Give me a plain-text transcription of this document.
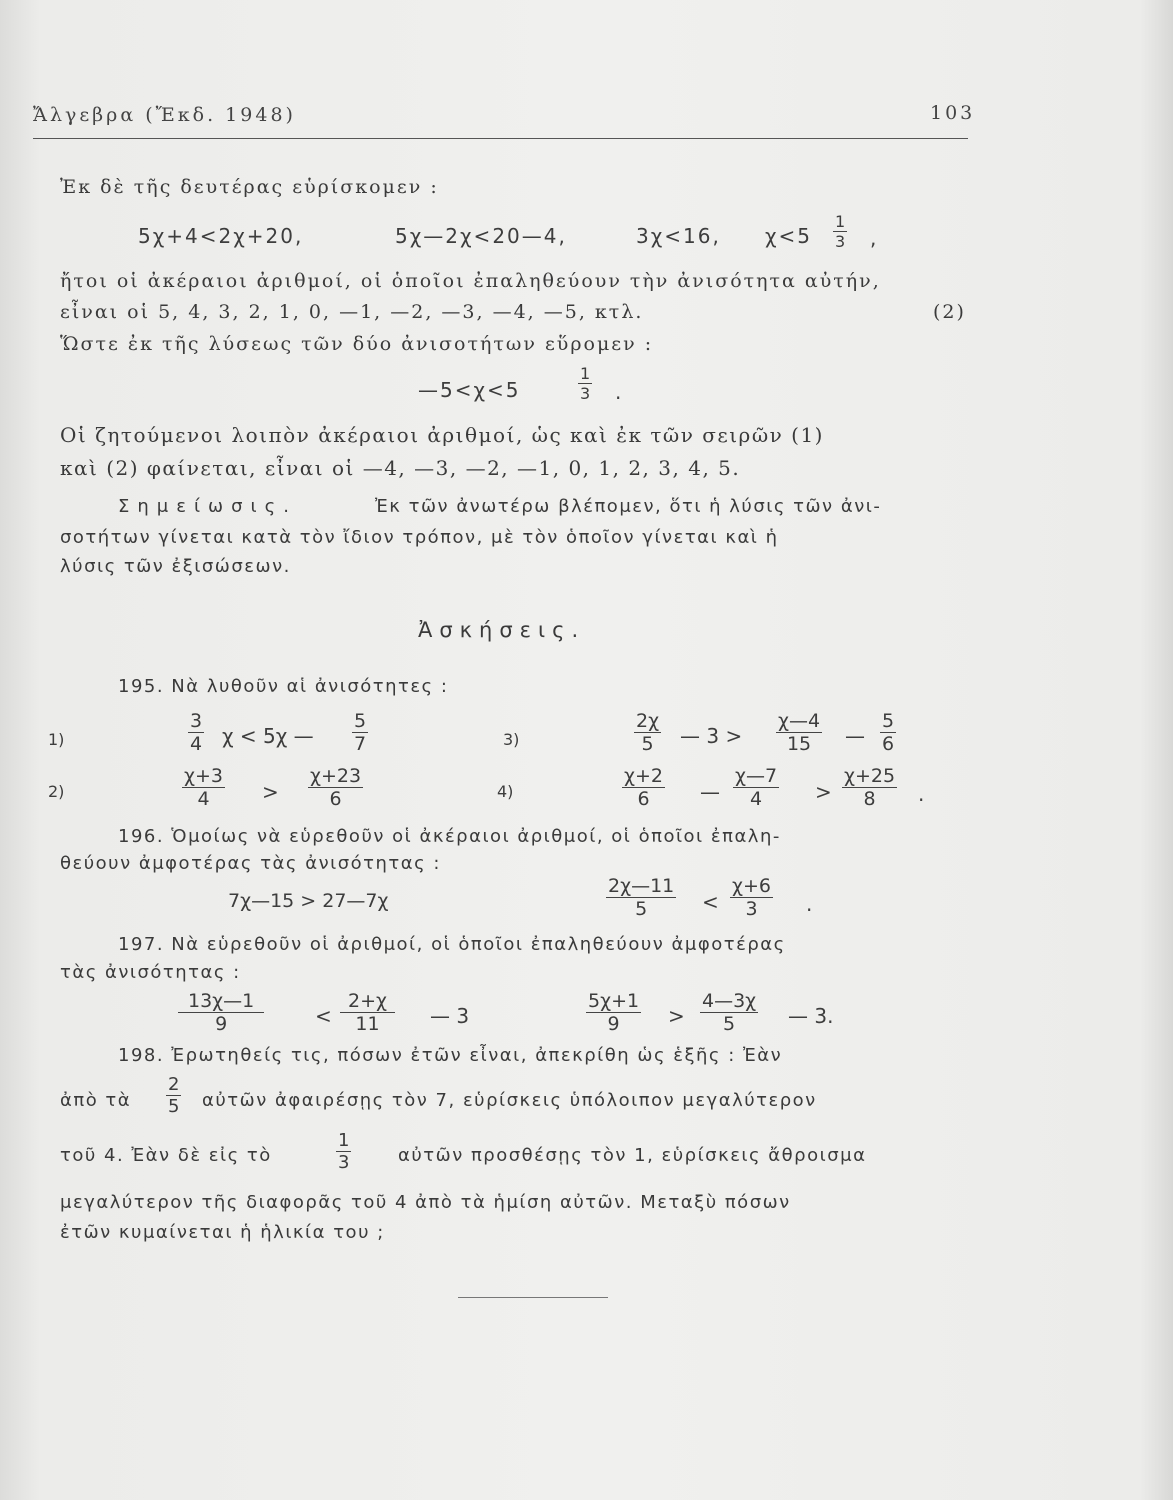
Ἄλγεβρα (Ἔκδ. 1948)	103
Ἐκ δὲ τῆς δευτέρας εὑρίσκομεν :
5χ+4<2χ+20,	5χ—2χ<20—4,	3χ<16, $\chi<5 \frac{1}{3}$ ,
ἤτοι οἱ ἀκέραιοι ἀριθμοί, οἱ ὁποῖοι ἐπαληθεύουν τὴν ἀνισότητα αὐτήν,
εἶναι οἱ 5, 4, 3, 2, 1, 0, —1, —2, —3, —4, —5, κτλ.	(2)
Ὥστε ἐκ τῆς λύσεως τῶν δύο ἀνισοτήτων εὕρομεν :
—5<χ<5	$\frac{1}{3}$ .
Οἱ ζητούμενοι λοιπὸν ἀκέραιοι ἀριθμοί, ὡς καὶ ἐκ τῶν σειρῶν (1)
καὶ (2) φαίνεται, εἶναι οἱ —4, —3, —2, —1, 0, 1, 2, 3, 4, 5.
Σημείωσις.	Ἐκ τῶν ἀνωτέρω βλέπομεν, ὅτι ἡ λύσις τῶν ἀνι-
σοτήτων γίνεται κατὰ τὸν ἴδιον τρόπον, μὲ τὸν ὁποῖον γίνεται καὶ ἡ
λύσις τῶν ἐξισώσεων.
Ἀσκήσεις.
195. Νὰ λυθοῦν αἱ ἀνισότητες :
1)	$\frac{3}{4}$ χ < 5χ — $\frac{5}{7}$	3)	$\frac{2\chi}{5}$ — $3 > \frac{\chi—4}{15}$ — $\frac{5}{6}$
2)	$\frac{\chi+3}{4} > \frac{\chi+23}{6}$	4)	$\frac{\chi+2}{6}$ — $\frac{\chi—7}{4} > \frac{\chi+25}{8}$ .
196. Ὁμοίως νὰ εὑρεθοῦν οἱ ἀκέραιοι ἀριθμοί, οἱ ὁποῖοι ἐπαλη-
θεύουν ἀμφοτέρας τὰς ἀνισότητας :
7χ—15 > 27—7χ	$\frac{2\chi—11}{5} < \frac{\chi+6}{3}$ .
197. Νὰ εὑρεθοῦν οἱ ἀριθμοί, οἱ ὁποῖοι ἐπαληθεύουν ἀμφοτέρας
τὰς ἀνισότητας :
$\frac{13\chi—1}{9}$	< $\frac{2+\chi}{11}$ — 3	$\frac{5\chi+1}{9} > \frac{4—3\chi}{5}$ — 3.
198. Ἐρωτηθείς τις, πόσων ἐτῶν εἶναι, ἀπεκρίθη ὡς ἑξῆς : Ἐὰν
ἀπὸ τὰ $\frac{2}{5}$ αὐτῶν ἀφαιρέσῃς τὸν 7, εὑρίσκεις ὑπόλοιπον μεγαλύτερον
τοῦ 4. Ἐὰν δὲ εἰς τὸ	$\frac{1}{3}$	αὐτῶν προσθέσῃς τὸν 1, εὑρίσκεις ἄθροισμα
μεγαλύτερον τῆς διαφορᾶς τοῦ 4 ἀπὸ τὰ ἡμίση αὐτῶν. Μεταξὺ πόσων
ἐτῶν κυμαίνεται ἡ ἡλικία του ;
